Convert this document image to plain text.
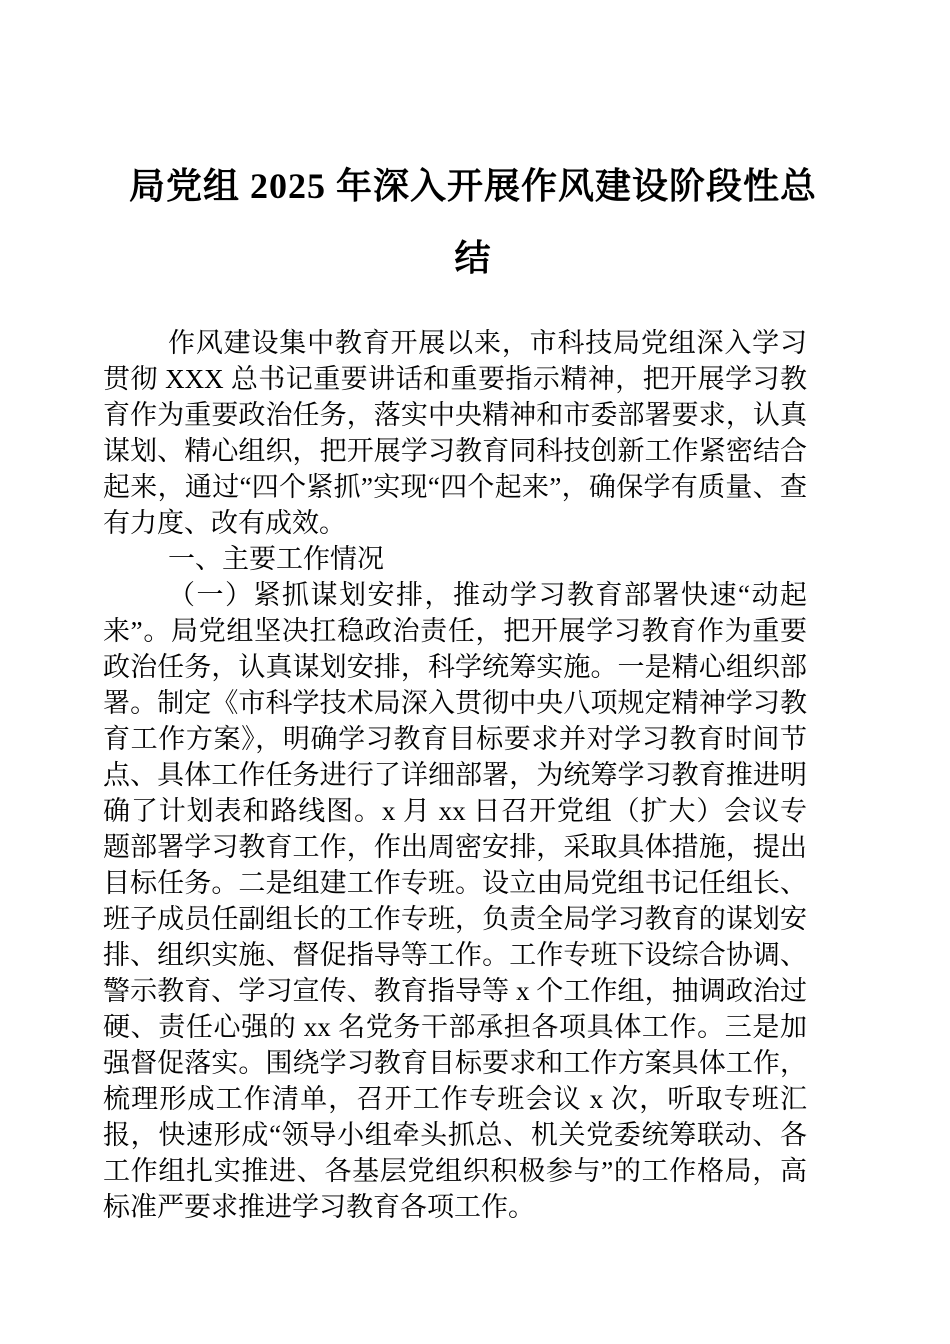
局党组 2025 年深入开展作风建设阶段性总
结

作风建设集中教育开展以来，市科技局党组深入学习贯彻 XXX 总书记重要讲话和重要指示精神，把开展学习教育作为重要政治任务，落实中央精神和市委部署要求，认真谋划、精心组织，把开展学习教育同科技创新工作紧密结合起来，通过“四个紧抓”实现“四个起来”，确保学有质量、查有力度、改有成效。

一、主要工作情况

（一）紧抓谋划安排，推动学习教育部署快速“动起来”。局党组坚决扛稳政治责任，把开展学习教育作为重要政治任务，认真谋划安排，科学统筹实施。一是精心组织部署。制定《市科学技术局深入贯彻中央八项规定精神学习教育工作方案》，明确学习教育目标要求并对学习教育时间节点、具体工作任务进行了详细部署，为统筹学习教育推进明确了计划表和路线图。x 月 xx 日召开党组（扩大）会议专题部署学习教育工作，作出周密安排，采取具体措施，提出目标任务。二是组建工作专班。设立由局党组书记任组长、班子成员任副组长的工作专班，负责全局学习教育的谋划安排、组织实施、督促指导等工作。工作专班下设综合协调、警示教育、学习宣传、教育指导等 x 个工作组，抽调政治过硬、责任心强的 xx 名党务干部承担各项具体工作。三是加强督促落实。围绕学习教育目标要求和工作方案具体工作，梳理形成工作清单，召开工作专班会议 x 次，听取专班汇报，快速形成“领导小组牵头抓总、机关党委统筹联动、各工作组扎实推进、各基层党组织积极参与”的工作格局，高标准严要求推进学习教育各项工作。
